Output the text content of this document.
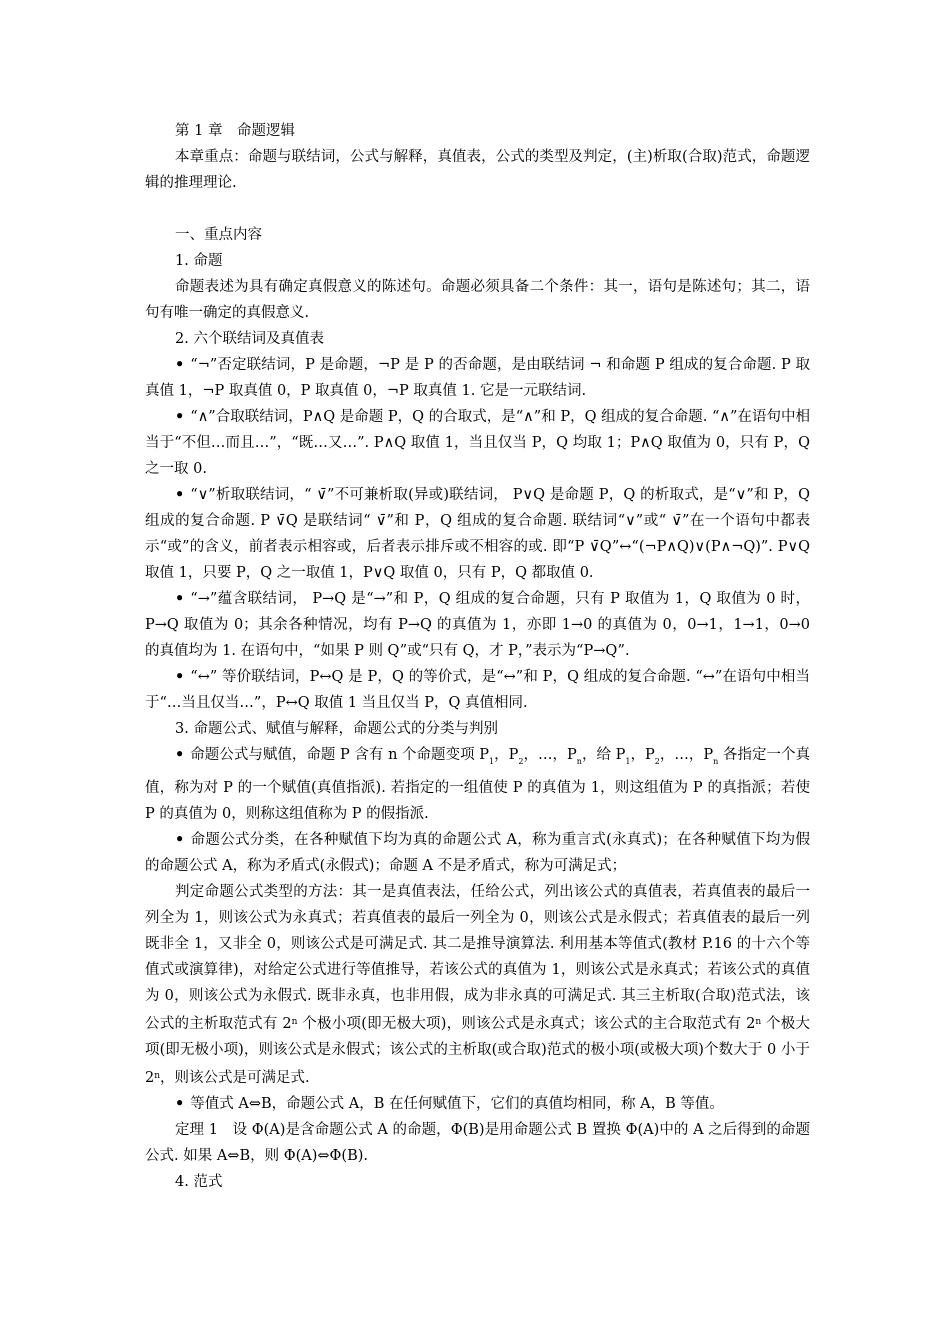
第 1 章　命题逻辑

本章重点：命题与联结词，公式与解释，真值表，公式的类型及判定，(主)析取(合取)范式，命题逻辑的推理理论.

一、重点内容

1. 命题

命题表述为具有确定真假意义的陈述句。命题必须具备二个条件：其一，语句是陈述句；其二，语句有唯一确定的真假意义.

2. 六个联结词及真值表

• “¬”否定联结词，P 是命题，¬P 是 P 的否命题，是由联结词 ¬ 和命题 P 组成的复合命题. P 取真值 1，¬P 取真值 0，P 取真值 0，¬P 取真值 1. 它是一元联结词.

• “∧”合取联结词，P∧Q 是命题 P，Q 的合取式，是“∧”和 P，Q 组成的复合命题. “∧”在语句中相当于“不但…而且…”，“既…又…”. P∧Q 取值 1，当且仅当 P，Q 均取 1；P∧Q 取值为 0，只有 P，Q 之一取 0.

• “∨”析取联结词，“ ∨̄”不可兼析取(异或)联结词， P∨Q 是命题 P，Q 的析取式，是“∨”和 P，Q 组成的复合命题. P ∨̄Q 是联结词“ ∨̄”和 P，Q 组成的复合命题. 联结词“∨”或“ ∨̄”在一个语句中都表示“或”的含义，前者表示相容或，后者表示排斥或不相容的或. 即“P ∨̄Q”↔“(¬P∧Q)∨(P∧¬Q)”. P∨Q 取值 1，只要 P，Q 之一取值 1，P∨Q 取值 0，只有 P，Q 都取值 0.

• “→”蕴含联结词， P→Q 是“→”和 P，Q 组成的复合命题，只有 P 取值为 1，Q 取值为 0 时，P→Q 取值为 0；其余各种情况，均有 P→Q 的真值为 1，亦即 1→0 的真值为 0，0→1，1→1，0→0 的真值均为 1. 在语句中，“如果 P 则 Q”或“只有 Q，才 P，”表示为“P→Q”.

• “↔” 等价联结词，P↔Q 是 P，Q 的等价式，是“↔”和 P，Q 组成的复合命题. “↔”在语句中相当于“…当且仅当…”，P↔Q 取值 1 当且仅当 P，Q 真值相同.

3. 命题公式、赋值与解释，命题公式的分类与判别

• 命题公式与赋值，命题 P 含有 n 个命题变项 $P_1$，$P_2$，…，$P_n$，给 $P_1$，$P_2$，…，$P_n$ 各指定一个真值，称为对 P 的一个赋值(真值指派). 若指定的一组值使 P 的真值为 1，则这组值为 P 的真指派；若使 P 的真值为 0，则称这组值称为 P 的假指派.

• 命题公式分类，在各种赋值下均为真的命题公式 A，称为重言式(永真式)；在各种赋值下均为假的命题公式 A，称为矛盾式(永假式)；命题 A 不是矛盾式，称为可满足式；

判定命题公式类型的方法：其一是真值表法，任给公式，列出该公式的真值表，若真值表的最后一列全为 1，则该公式为永真式；若真值表的最后一列全为 0，则该公式是永假式；若真值表的最后一列既非全 1，又非全 0，则该公式是可满足式. 其二是推导演算法. 利用基本等值式(教材 P.16 的十六个等值式或演算律)，对给定公式进行等值推导，若该公式的真值为 1，则该公式是永真式；若该公式的真值为 0，则该公式为永假式. 既非永真，也非用假，成为非永真的可满足式. 其三主析取(合取)范式法，该公式的主析取范式有 2$^n$ 个极小项(即无极大项)，则该公式是永真式；该公式的主合取范式有 2$^n$ 个极大项(即无极小项)，则该公式是永假式；该公式的主析取(或合取)范式的极小项(或极大项)个数大于 0 小于 2$^n$，则该公式是可满足式.

• 等值式 A⇔B，命题公式 A，B 在任何赋值下，它们的真值均相同，称 A，B 等值。

定理 1　设 Φ(A)是含命题公式 A 的命题，Φ(B)是用命题公式 B 置换 Φ(A)中的 A 之后得到的命题公式. 如果 A⇔B，则 Φ(A)⇔Φ(B).

4. 范式
